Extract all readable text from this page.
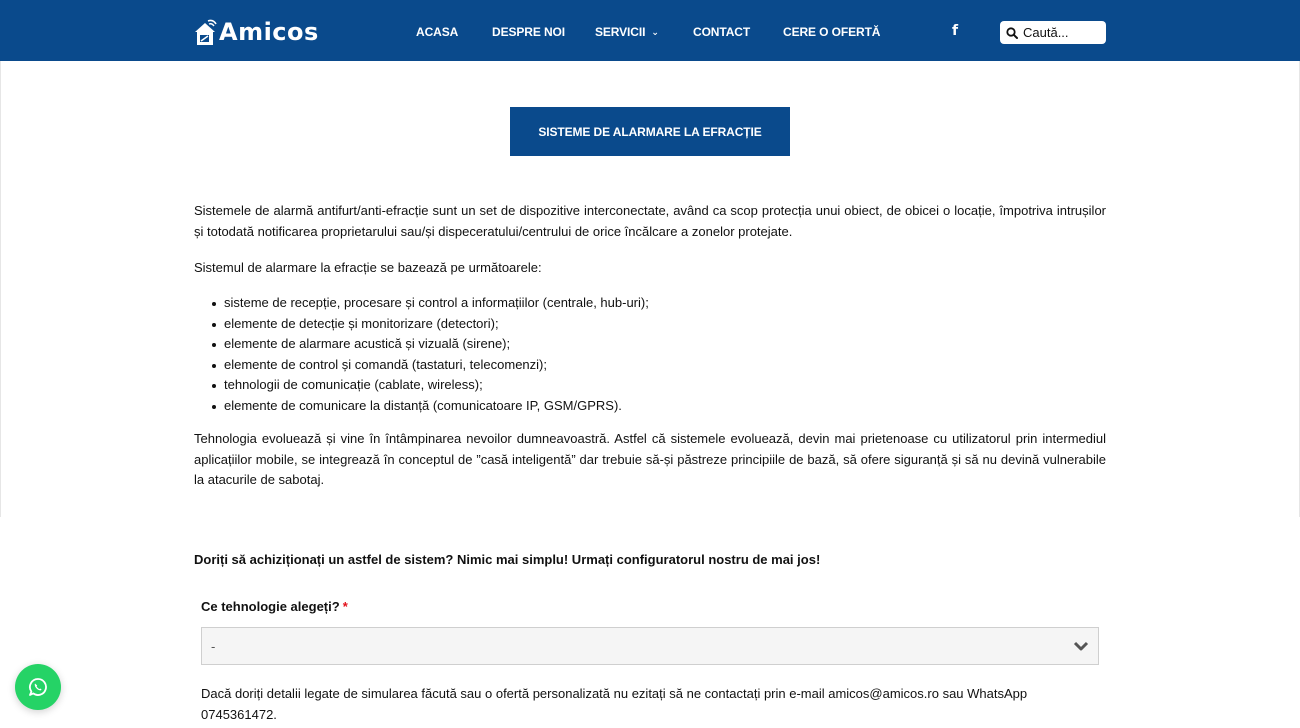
Amicos	ACASA	DESPRE NOI SERVICII ⌄	CONTACT	CERE O OFERTĂ	f
Caută...
SISTEME DE ALARMARE LA EFRACȚIE

Sistemele de alarmă antifurt/anti-efracție sunt un set de dispozitive interconectate, având ca scop protecția unui obiect, de obicei o locație, împotriva intrușilor și totodată notificarea proprietarului sau/și dispeceratului/centrului de orice încălcare a zonelor protejate.

Sistemul de alarmare la efracție se bazează pe următoarele:

sisteme de recepție, procesare și control a informațiilor (centrale, hub-uri);
elemente de detecție și monitorizare (detectori);
elemente de alarmare acustică și vizuală (sirene);
elemente de control și comandă (tastaturi, telecomenzi);
tehnologii de comunicație (cablate, wireless);
elemente de comunicare la distanță (comunicatoare IP, GSM/GPRS).

Tehnologia evoluează și vine în întâmpinarea nevoilor dumneavoastră. Astfel că sistemele evoluează, devin mai prietenoase cu utilizatorul prin intermediul aplicațiilor mobile, se integrează în conceptul de ”casă inteligentă” dar trebuie să-și păstreze principiile de bază, să ofere siguranță și să nu devină vulnerabile la atacurile de sabotaj.

Doriți să achiziționați un astfel de sistem? Nimic mai simplu! Urmați configuratorul nostru de mai jos!

Ce tehnologie alegeți? *
-

Dacă doriți detalii legate de simularea făcută sau o ofertă personalizată nu ezitați să ne contactați prin e-mail amicos@amicos.ro sau WhatsApp 0745361472.
